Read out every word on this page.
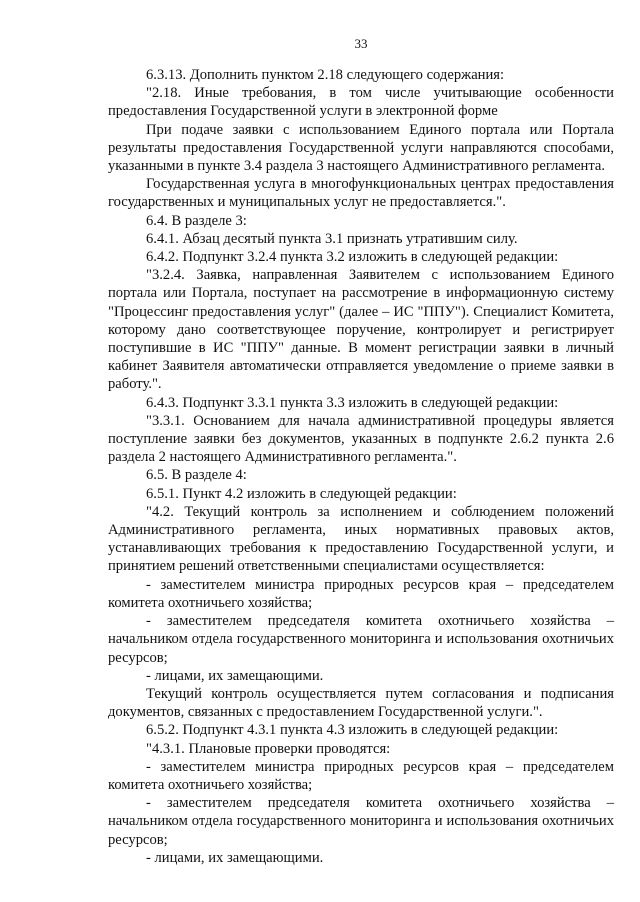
33

6.3.13. Дополнить пунктом 2.18 следующего содержания:

"2.18. Иные требования, в том числе учитывающие особенности предоставления Государственной услуги в электронной форме

При подаче заявки с использованием Единого портала или Портала результаты предоставления Государственной услуги направляются способами, указанными в пункте 3.4 раздела 3 настоящего Административного регламента.

Государственная услуга в многофункциональных центрах предоставления государственных и муниципальных услуг не предоставляется.".

6.4. В разделе 3:

6.4.1. Абзац десятый пункта 3.1 признать утратившим силу.

6.4.2. Подпункт 3.2.4 пункта 3.2 изложить в следующей редакции:

"3.2.4. Заявка, направленная Заявителем с использованием Единого портала или Портала, поступает на рассмотрение в информационную систему "Процессинг предоставления услуг" (далее – ИС "ППУ"). Специалист Комитета, которому дано соответствующее поручение, контролирует и регистрирует поступившие в ИС "ППУ" данные. В момент регистрации заявки в личный кабинет Заявителя автоматически отправляется уведомление о приеме заявки в работу.".

6.4.3. Подпункт 3.3.1 пункта 3.3 изложить в следующей редакции:

"3.3.1. Основанием для начала административной процедуры является поступление заявки без документов, указанных в подпункте 2.6.2 пункта 2.6 раздела 2 настоящего Административного регламента.".

6.5. В разделе 4:

6.5.1. Пункт 4.2 изложить в следующей редакции:

"4.2. Текущий контроль за исполнением и соблюдением положений Административного регламента, иных нормативных правовых актов, устанавливающих требования к предоставлению Государственной услуги, и принятием решений ответственными специалистами осуществляется:

- заместителем министра природных ресурсов края – председателем комитета охотничьего хозяйства;

- заместителем председателя комитета охотничьего хозяйства – начальником отдела государственного мониторинга и использования охотничьих ресурсов;

- лицами, их замещающими.

Текущий контроль осуществляется путем согласования и подписания документов, связанных с предоставлением Государственной услуги.".

6.5.2. Подпункт 4.3.1 пункта 4.3 изложить в следующей редакции:

"4.3.1. Плановые проверки проводятся:

- заместителем министра природных ресурсов края – председателем комитета охотничьего хозяйства;

- заместителем председателя комитета охотничьего хозяйства – начальником отдела государственного мониторинга и использования охотничьих ресурсов;

- лицами, их замещающими.
